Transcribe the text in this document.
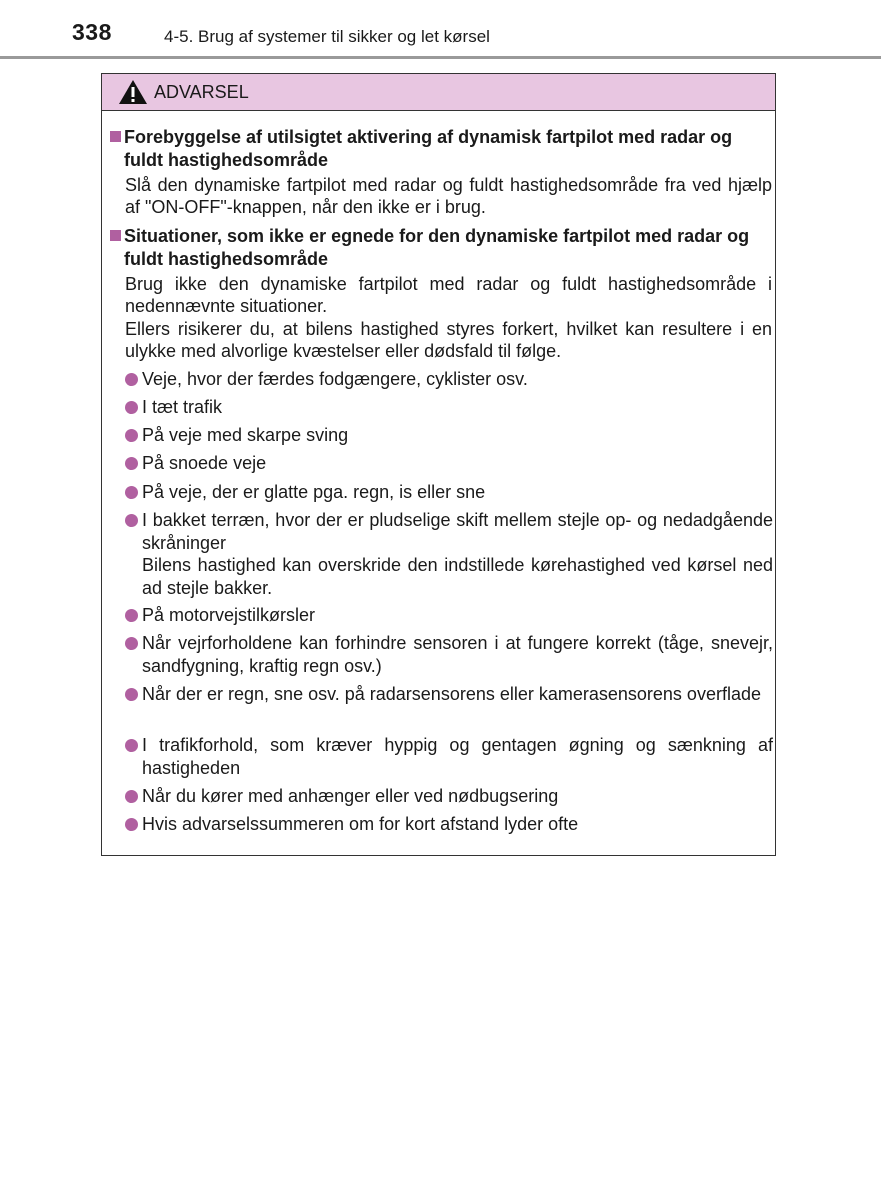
338	4-5. Brug af systemer til sikker og let kørsel
ADVARSEL
Forebyggelse af utilsigtet aktivering af dynamisk fartpilot med radar og fuldt hastighedsområde
Slå den dynamiske fartpilot med radar og fuldt hastighedsområde fra ved hjælp af "ON-OFF"-knappen, når den ikke er i brug.
Situationer, som ikke er egnede for den dynamiske fartpilot med radar og fuldt hastighedsområde
Brug ikke den dynamiske fartpilot med radar og fuldt hastighedsområde i nedennævnte situationer.
Ellers risikerer du, at bilens hastighed styres forkert, hvilket kan resultere i en ulykke med alvorlige kvæstelser eller dødsfald til følge.
Veje, hvor der færdes fodgængere, cyklister osv.
I tæt trafik
På veje med skarpe sving
På snoede veje
På veje, der er glatte pga. regn, is eller sne
I bakket terræn, hvor der er pludselige skift mellem stejle op- og nedadgående skråninger
Bilens hastighed kan overskride den indstillede kørehastighed ved kørsel ned ad stejle bakker.
På motorvejstilkørsler
Når vejrforholdene kan forhindre sensoren i at fungere korrekt (tåge, snevejr, sandfygning, kraftig regn osv.)
Når der er regn, sne osv. på radarsensorens eller kamerasensorens overflade
I trafikforhold, som kræver hyppig og gentagen øgning og sænkning af hastigheden
Når du kører med anhænger eller ved nødbugsering
Hvis advarselssummeren om for kort afstand lyder ofte
